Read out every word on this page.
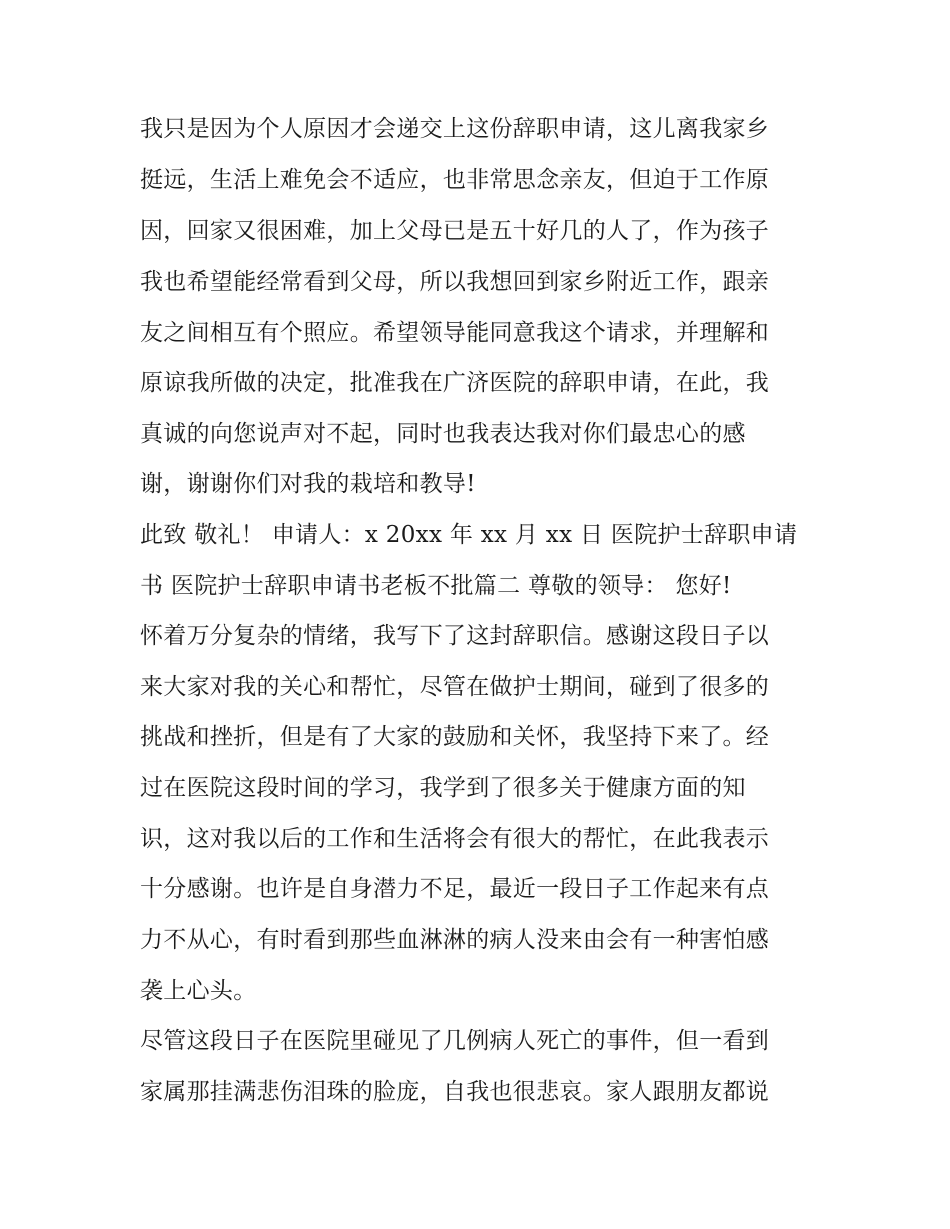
我只是因为个人原因才会递交上这份辞职申请，这儿离我家乡
挺远，生活上难免会不适应，也非常思念亲友，但迫于工作原
因，回家又很困难，加上父母已是五十好几的人了，作为孩子
我也希望能经常看到父母，所以我想回到家乡附近工作，跟亲
友之间相互有个照应。希望领导能同意我这个请求，并理解和
原谅我所做的决定，批准我在广济医院的辞职申请，在此，我
真诚的向您说声对不起，同时也我表达我对你们最忠心的感
谢，谢谢你们对我的栽培和教导!
此致 敬礼！ 申请人：x 20xx 年 xx 月 xx 日 医院护士辞职申请
书 医院护士辞职申请书老板不批篇二 尊敬的领导： 您好!
怀着万分复杂的情绪，我写下了这封辞职信。感谢这段日子以
来大家对我的关心和帮忙，尽管在做护士期间，碰到了很多的
挑战和挫折，但是有了大家的鼓励和关怀，我坚持下来了。经
过在医院这段时间的学习，我学到了很多关于健康方面的知
识，这对我以后的工作和生活将会有很大的帮忙，在此我表示
十分感谢。也许是自身潜力不足，最近一段日子工作起来有点
力不从心，有时看到那些血淋淋的病人没来由会有一种害怕感
袭上心头。
尽管这段日子在医院里碰见了几例病人死亡的事件，但一看到
家属那挂满悲伤泪珠的脸庞，自我也很悲哀。家人跟朋友都说
